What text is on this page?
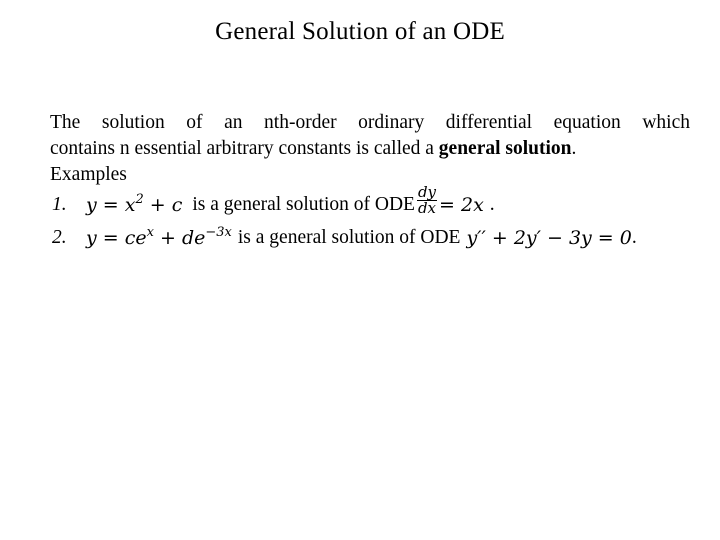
General Solution of an ODE
The solution of an nth-order ordinary differential equation which
contains n essential arbitrary constants is called a general solution.
Examples
1. $y = x^2 + c$ is a general solution of ODE $\frac{dy}{dx} = 2x$ .
2. $y = ce^x + de^{-3x}$ is a general solution of ODE y′′ + 2y′ − 3y = 0 .
